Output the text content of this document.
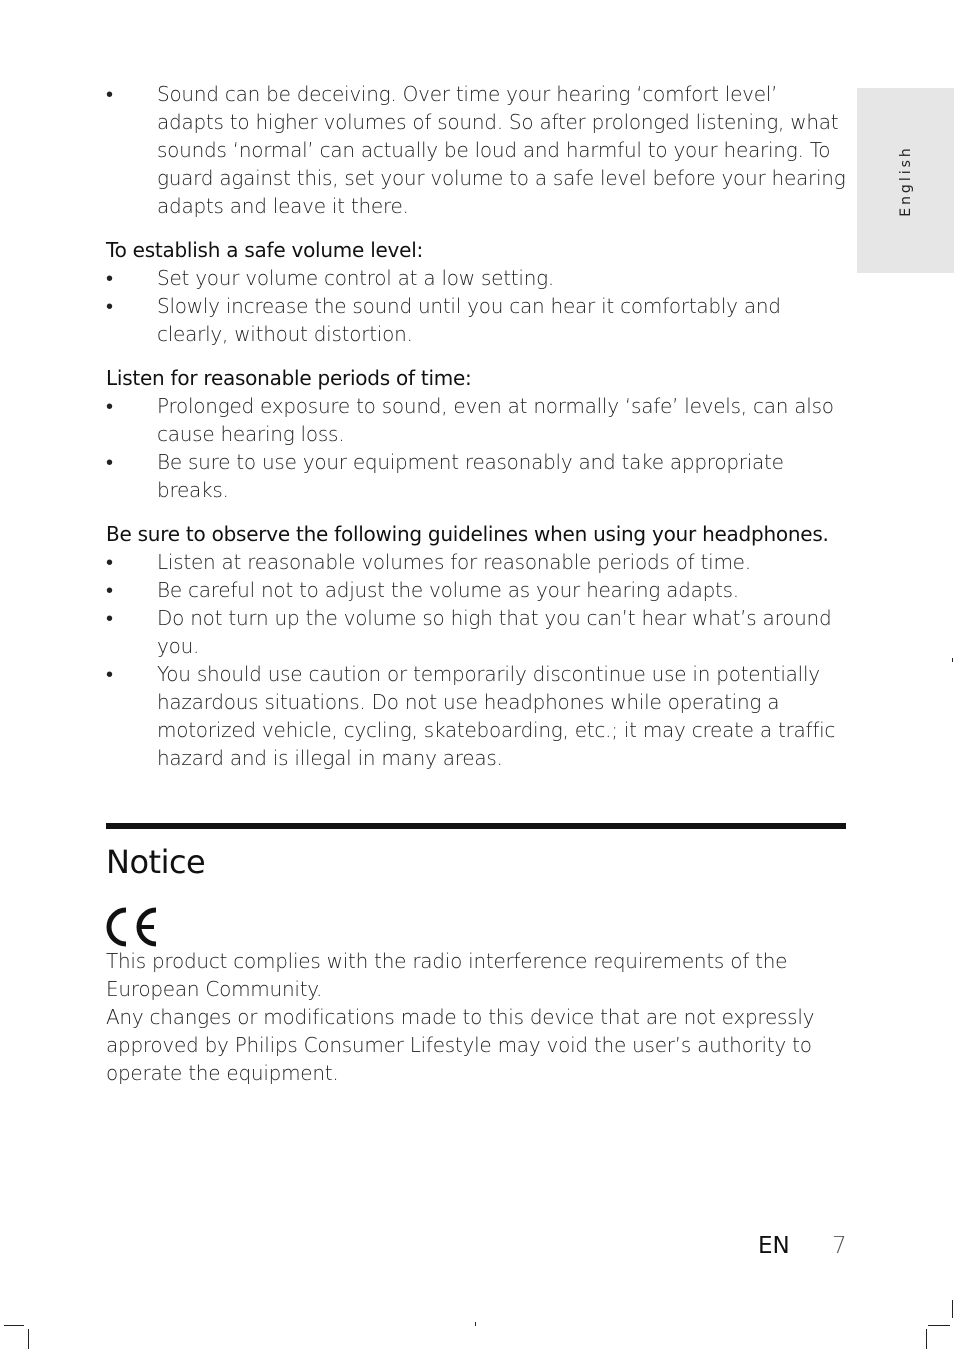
English
•	Sound can be deceiving. Over time your hearing ‘comfort level’ adapts to higher volumes of sound. So after prolonged listening, what sounds ‘normal’ can actually be loud and harmful to your hearing. To guard against this, set your volume to a safe level before your hearing adapts and leave it there.

To establish a safe volume level:

•	Set your volume control at a low setting.
•	Slowly increase the sound until you can hear it comfortably and clearly, without distortion.

Listen for reasonable periods of time:

•	Prolonged exposure to sound, even at normally ‘safe’ levels, can also cause hearing loss.
•	Be sure to use your equipment reasonably and take appropriate breaks.

Be sure to observe the following guidelines when using your headphones.

•	Listen at reasonable volumes for reasonable periods of time.
•	Be careful not to adjust the volume as your hearing adapts.
•	Do not turn up the volume so high that you can’t hear what’s around you.
•	You should use caution or temporarily discontinue use in potentially hazardous situations. Do not use headphones while operating a motorized vehicle, cycling, skateboarding, etc.; it may create a traffic hazard and is illegal in many areas.
Notice

This product complies with the radio interference requirements of the European Community.

Any changes or modifications made to this device that are not expressly approved by Philips Consumer Lifestyle may void the user’s authority to operate the equipment.

EN 7
